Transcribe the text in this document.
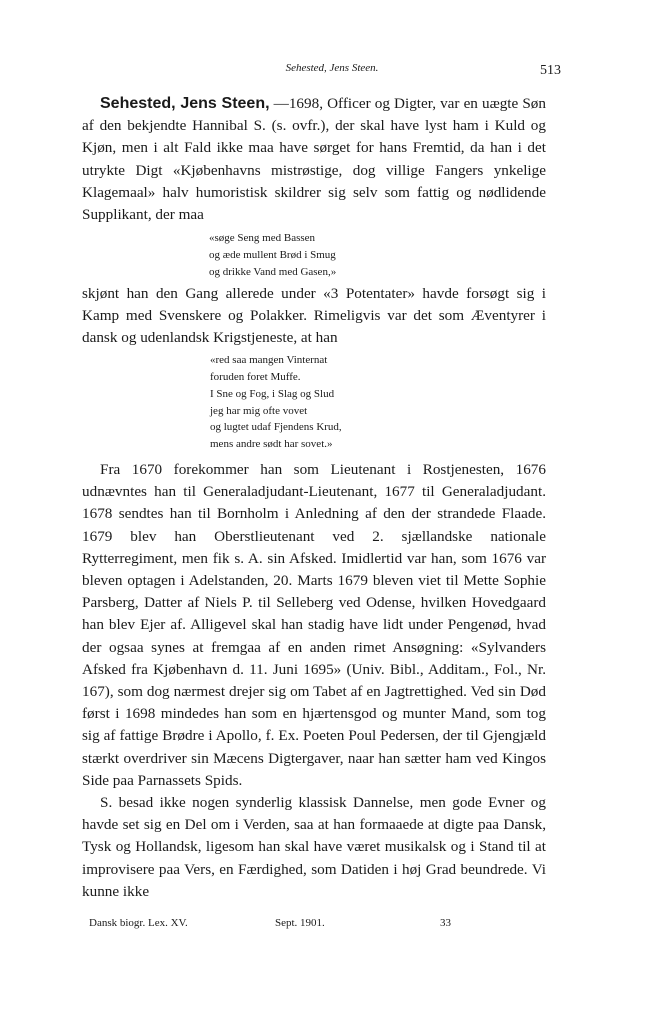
Sehested, Jens Steen.	513

Sehested, Jens Steen, —1698, Officer og Digter, var en uægte Søn af den bekjendte Hannibal S. (s. ovfr.), der skal have lyst ham i Kuld og Kjøn, men i alt Fald ikke maa have sørget for hans Fremtid, da han i det utrykte Digt «Kjøbenhavns mistrøstige, dog villige Fangers ynkelige Klagemaal» halv humoristisk skildrer sig selv som fattig og nødlidende Supplikant, der maa

«søge Seng med Bassen
og æde mullent Brød i Smug
og drikke Vand med Gasen,»

skjønt han den Gang allerede under «3 Potentater» havde forsøgt sig i Kamp med Svenskere og Polakker. Rimeligvis var det som Æventyrer i dansk og udenlandsk Krigstjeneste, at han

«red saa mangen Vinternat
foruden foret Muffe.
I Sne og Fog, i Slag og Slud
jeg har mig ofte vovet
og lugtet udaf Fjendens Krud,
mens andre sødt har sovet.»

Fra 1670 forekommer han som Lieutenant i Rostjenesten, 1676 udnævntes han til Generaladjudant-Lieutenant, 1677 til Generaladjudant. 1678 sendtes han til Bornholm i Anledning af den der strandede Flaade. 1679 blev han Oberstlieutenant ved 2. sjællandske nationale Rytterregiment, men fik s. A. sin Afsked. Imidlertid var han, som 1676 var bleven optagen i Adelstanden, 20. Marts 1679 bleven viet til Mette Sophie Parsberg, Datter af Niels P. til Selleberg ved Odense, hvilken Hovedgaard han blev Ejer af. Alligevel skal han stadig have lidt under Pengenød, hvad der ogsaa synes at fremgaa af en anden rimet Ansøgning: «Sylvanders Afsked fra Kjøbenhavn d. 11. Juni 1695» (Univ. Bibl., Additam., Fol., Nr. 167), som dog nærmest drejer sig om Tabet af en Jagtrettighed. Ved sin Død først i 1698 mindedes han som en hjærtensgod og munter Mand, som tog sig af fattige Brødre i Apollo, f. Ex. Poeten Poul Pedersen, der til Gjengjæld stærkt overdriver sin Mæcens Digtergaver, naar han sætter ham ved Kingos Side paa Parnassets Spids.

S. besad ikke nogen synderlig klassisk Dannelse, men gode Evner og havde set sig en Del om i Verden, saa at han formaaede at digte paa Dansk, Tysk og Hollandsk, ligesom han skal have været musikalsk og i Stand til at improvisere paa Vers, en Færdighed, som Datiden i høj Grad beundrede. Vi kunne ikke

Dansk biogr. Lex. XV.	Sept. 1901.	33
